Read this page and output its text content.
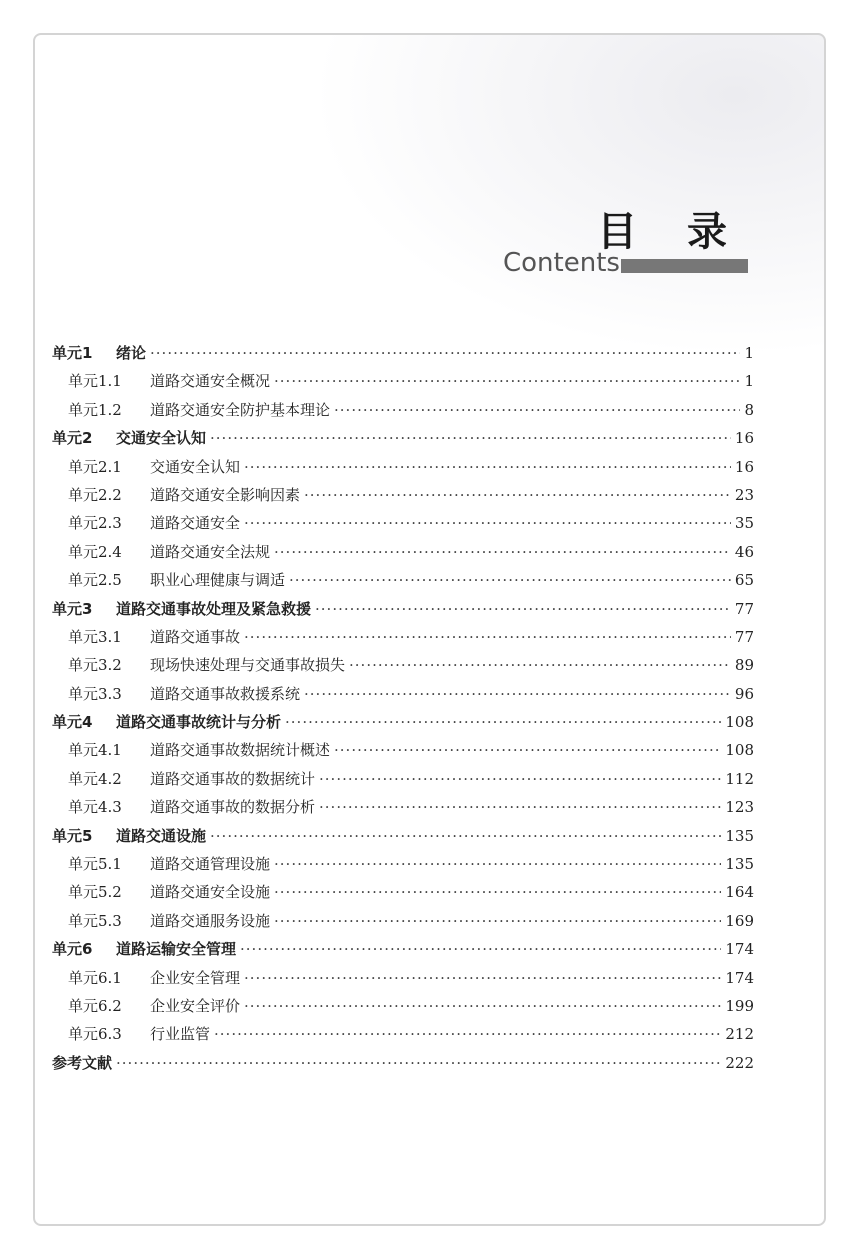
目 录
Contents
单元1	绪论 ·····	1
单元1.1	道路交通安全概况 ·····	1
单元1.2	道路交通安全防护基本理论 ·····	8
单元2	交通安全认知 ·····	16
单元2.1	交通安全认知 ·····	16
单元2.2	道路交通安全影响因素 ·····	23
单元2.3	道路交通安全 ·····	35
单元2.4	道路交通安全法规 ·····	46
单元2.5	职业心理健康与调适 ·····	65
单元3	道路交通事故处理及紧急救援 ·····	77
单元3.1	道路交通事故 ·····	77
单元3.2	现场快速处理与交通事故损失 ·····	89
单元3.3	道路交通事故救援系统 ·····	96
单元4	道路交通事故统计与分析 ·····	108
单元4.1	道路交通事故数据统计概述 ·····	108
单元4.2	道路交通事故的数据统计 ·····	112
单元4.3	道路交通事故的数据分析 ·····	123
单元5	道路交通设施 ·····	135
单元5.1	道路交通管理设施 ·····	135
单元5.2	道路交通安全设施 ·····	164
单元5.3	道路交通服务设施 ·····	169
单元6	道路运输安全管理 ·····	174
单元6.1	企业安全管理 ·····	174
单元6.2	企业安全评价 ·····	199
单元6.3	行业监管 ·····	212
参考文献 ·····	222
